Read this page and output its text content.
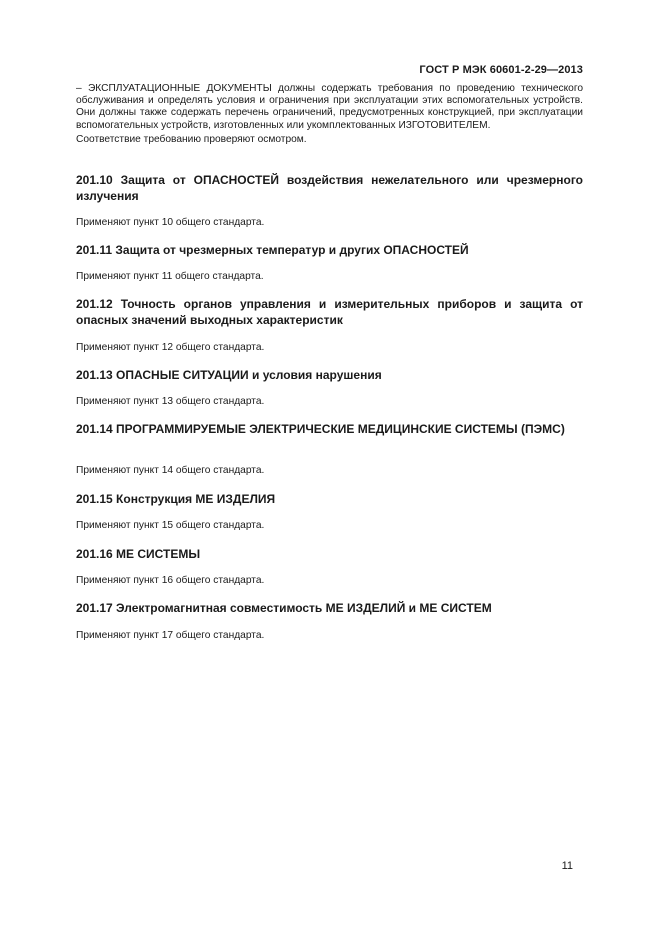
ГОСТ Р МЭК 60601-2-29—2013

– ЭКСПЛУАТАЦИОННЫЕ ДОКУМЕНТЫ должны содержать требования по проведению технического обслуживания и определять условия и ограничения при эксплуатации этих вспомогательных устройств. Они должны также содержать перечень ограничений, предусмотренных конструкцией, при эксплуатации вспомогательных устройств, изготовленных или укомплектованных ИЗГОТОВИТЕЛЕМ.

Соответствие требованию проверяют осмотром.

201.10 Защита от ОПАСНОСТЕЙ воздействия нежелательного или чрезмерного излучения

Применяют пункт 10 общего стандарта.

201.11 Защита от чрезмерных температур и других ОПАСНОСТЕЙ

Применяют пункт 11 общего стандарта.

201.12 Точность органов управления и измерительных приборов и защита от опасных значений выходных характеристик

Применяют пункт 12 общего стандарта.

201.13 ОПАСНЫЕ СИТУАЦИИ и условия нарушения

Применяют пункт 13 общего стандарта.

201.14 ПРОГРАММИРУЕМЫЕ ЭЛЕКТРИЧЕСКИЕ МЕДИЦИНСКИЕ СИСТЕМЫ (ПЭМС)

Применяют пункт 14 общего стандарта.

201.15 Конструкция МЕ ИЗДЕЛИЯ

Применяют пункт 15 общего стандарта.

201.16 МЕ СИСТЕМЫ

Применяют пункт 16 общего стандарта.

201.17 Электромагнитная совместимость МЕ ИЗДЕЛИЙ и МЕ СИСТЕМ

Применяют пункт 17 общего стандарта.

11
